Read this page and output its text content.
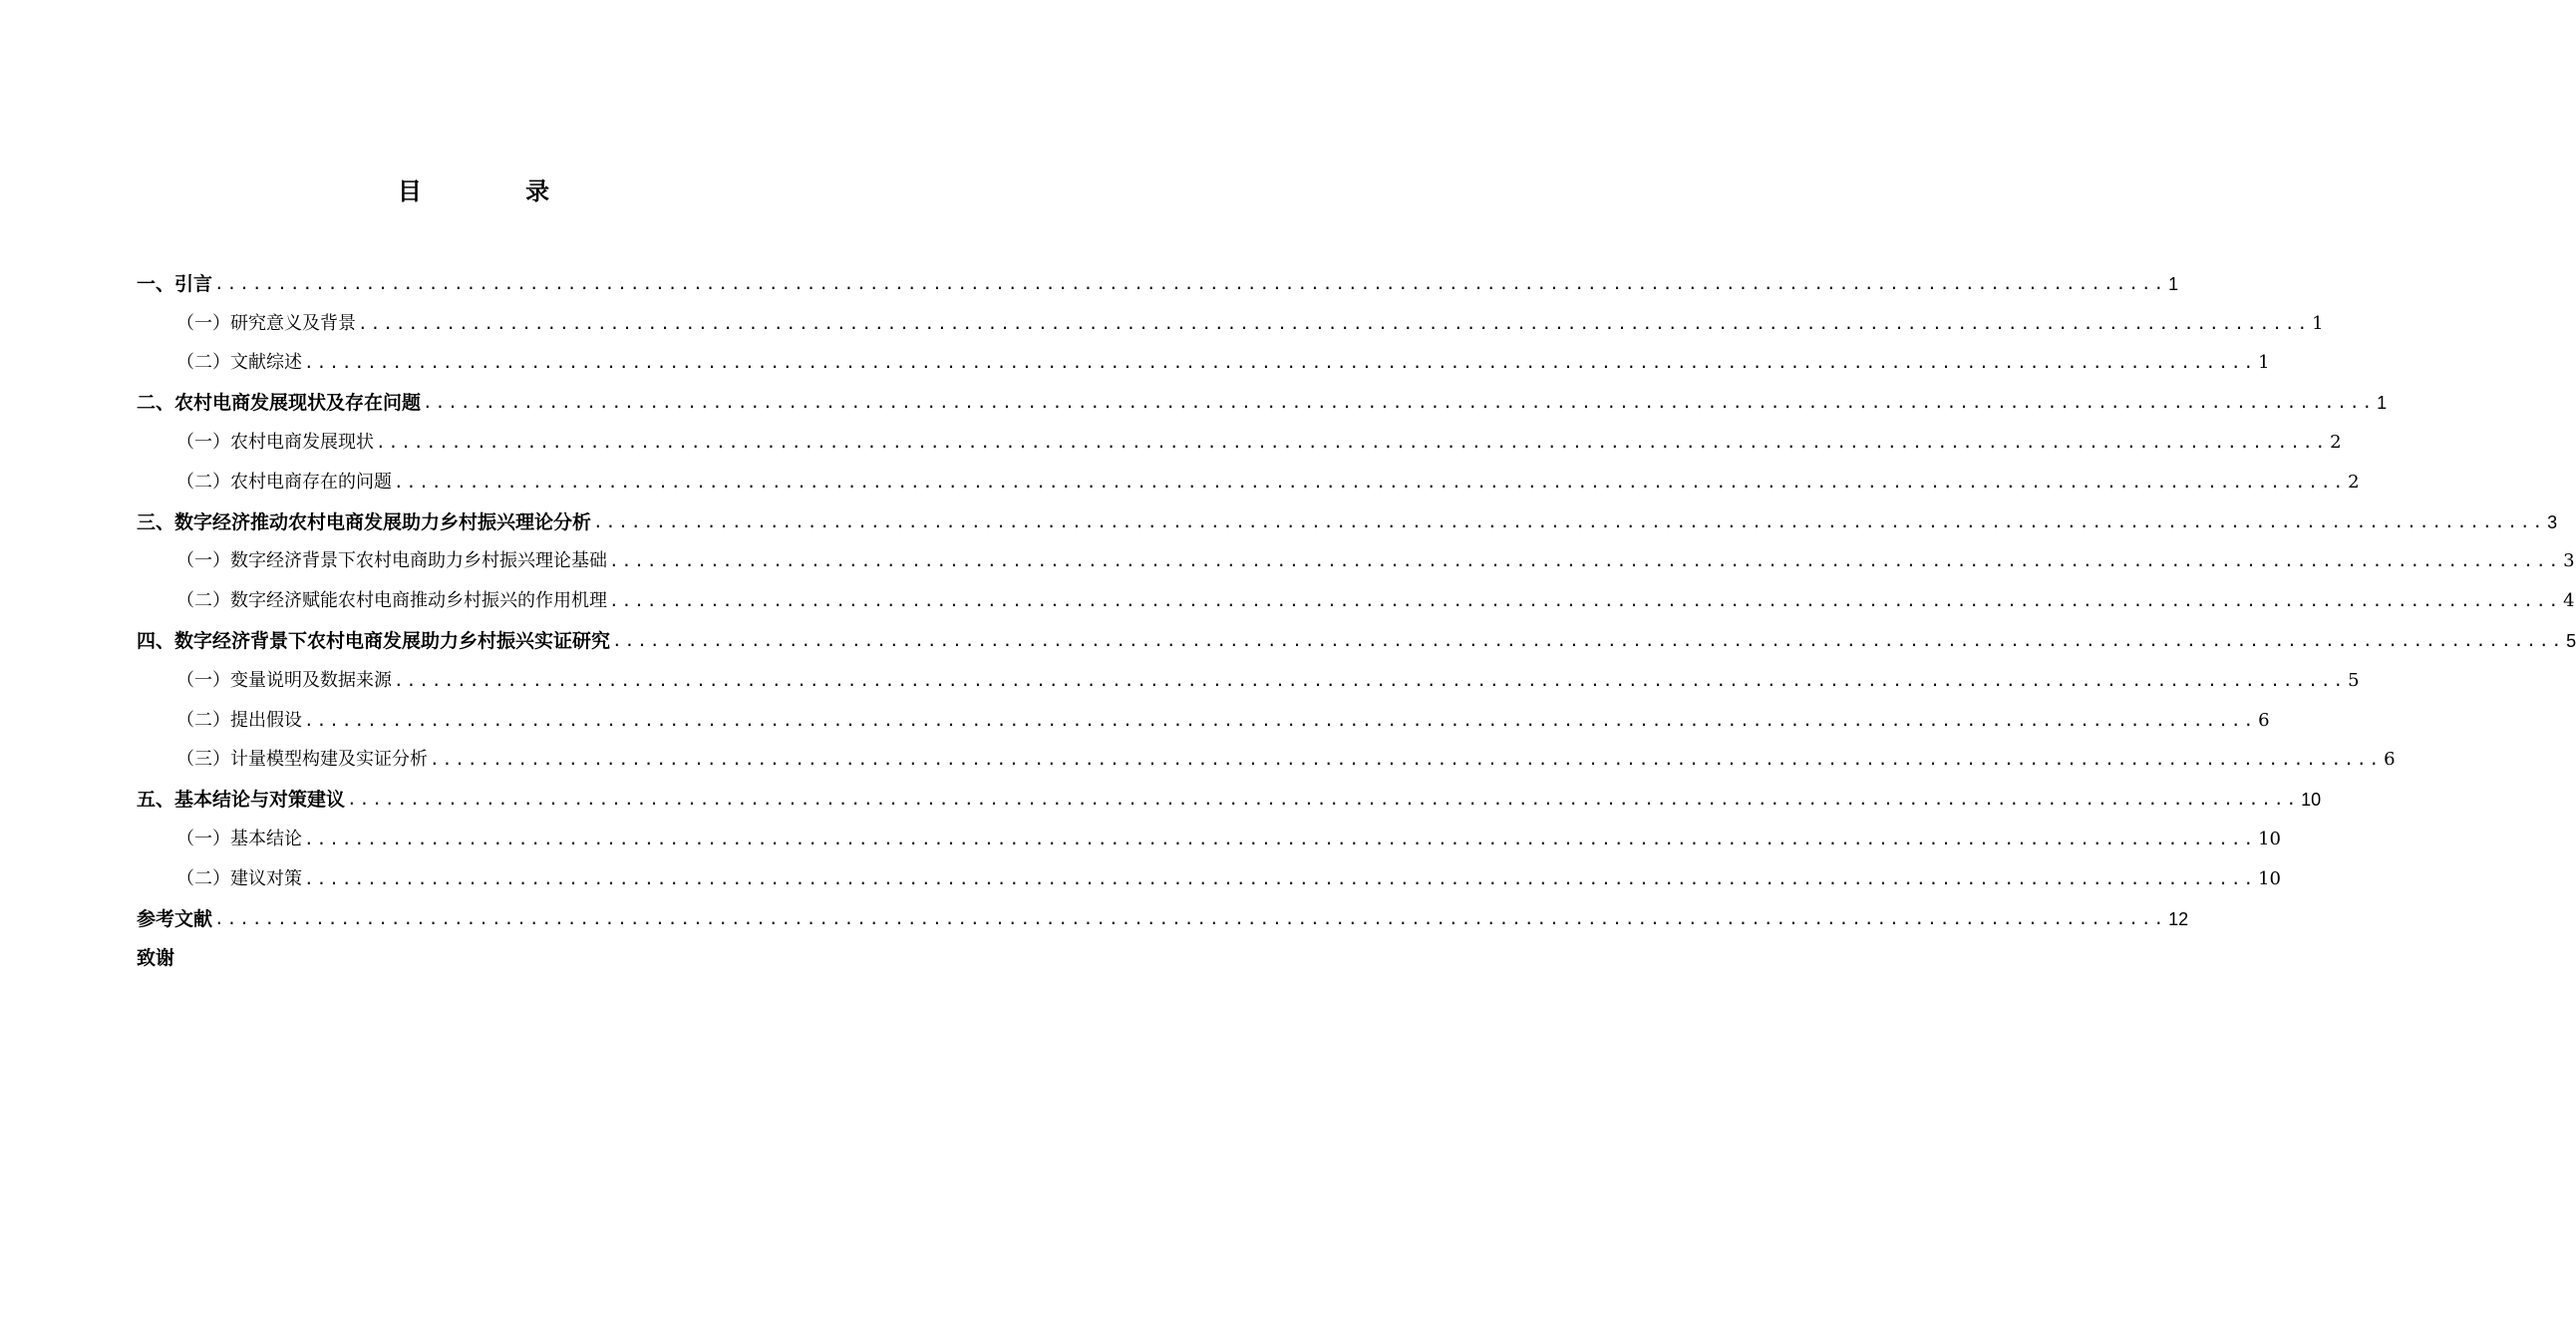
目 录
一、引言 ........................................................................................................................................................... 1
（一）研究意义及背景 ........................................................................................................................................................... 1
（二）文献综述 ........................................................................................................................................................... 1
二、农村电商发展现状及存在问题 ........................................................................................................................................................... 1
（一）农村电商发展现状 ........................................................................................................................................................... 2
（二）农村电商存在的问题 ........................................................................................................................................................... 2
三、数字经济推动农村电商发展助力乡村振兴理论分析 ........................................................................................................................................................... 3
（一）数字经济背景下农村电商助力乡村振兴理论基础 ........................................................................................................................................................... 3
（二）数字经济赋能农村电商推动乡村振兴的作用机理 ........................................................................................................................................................... 4
四、数字经济背景下农村电商发展助力乡村振兴实证研究 ........................................................................................................................................................... 5
（一）变量说明及数据来源 ........................................................................................................................................................... 5
（二）提出假设 ........................................................................................................................................................... 6
（三）计量模型构建及实证分析 ........................................................................................................................................................... 6
五、基本结论与对策建议 ........................................................................................................................................................... 10
（一）基本结论 ........................................................................................................................................................... 10
（二）建议对策 ........................................................................................................................................................... 10
参考文献 ........................................................................................................................................................... 12
致谢
